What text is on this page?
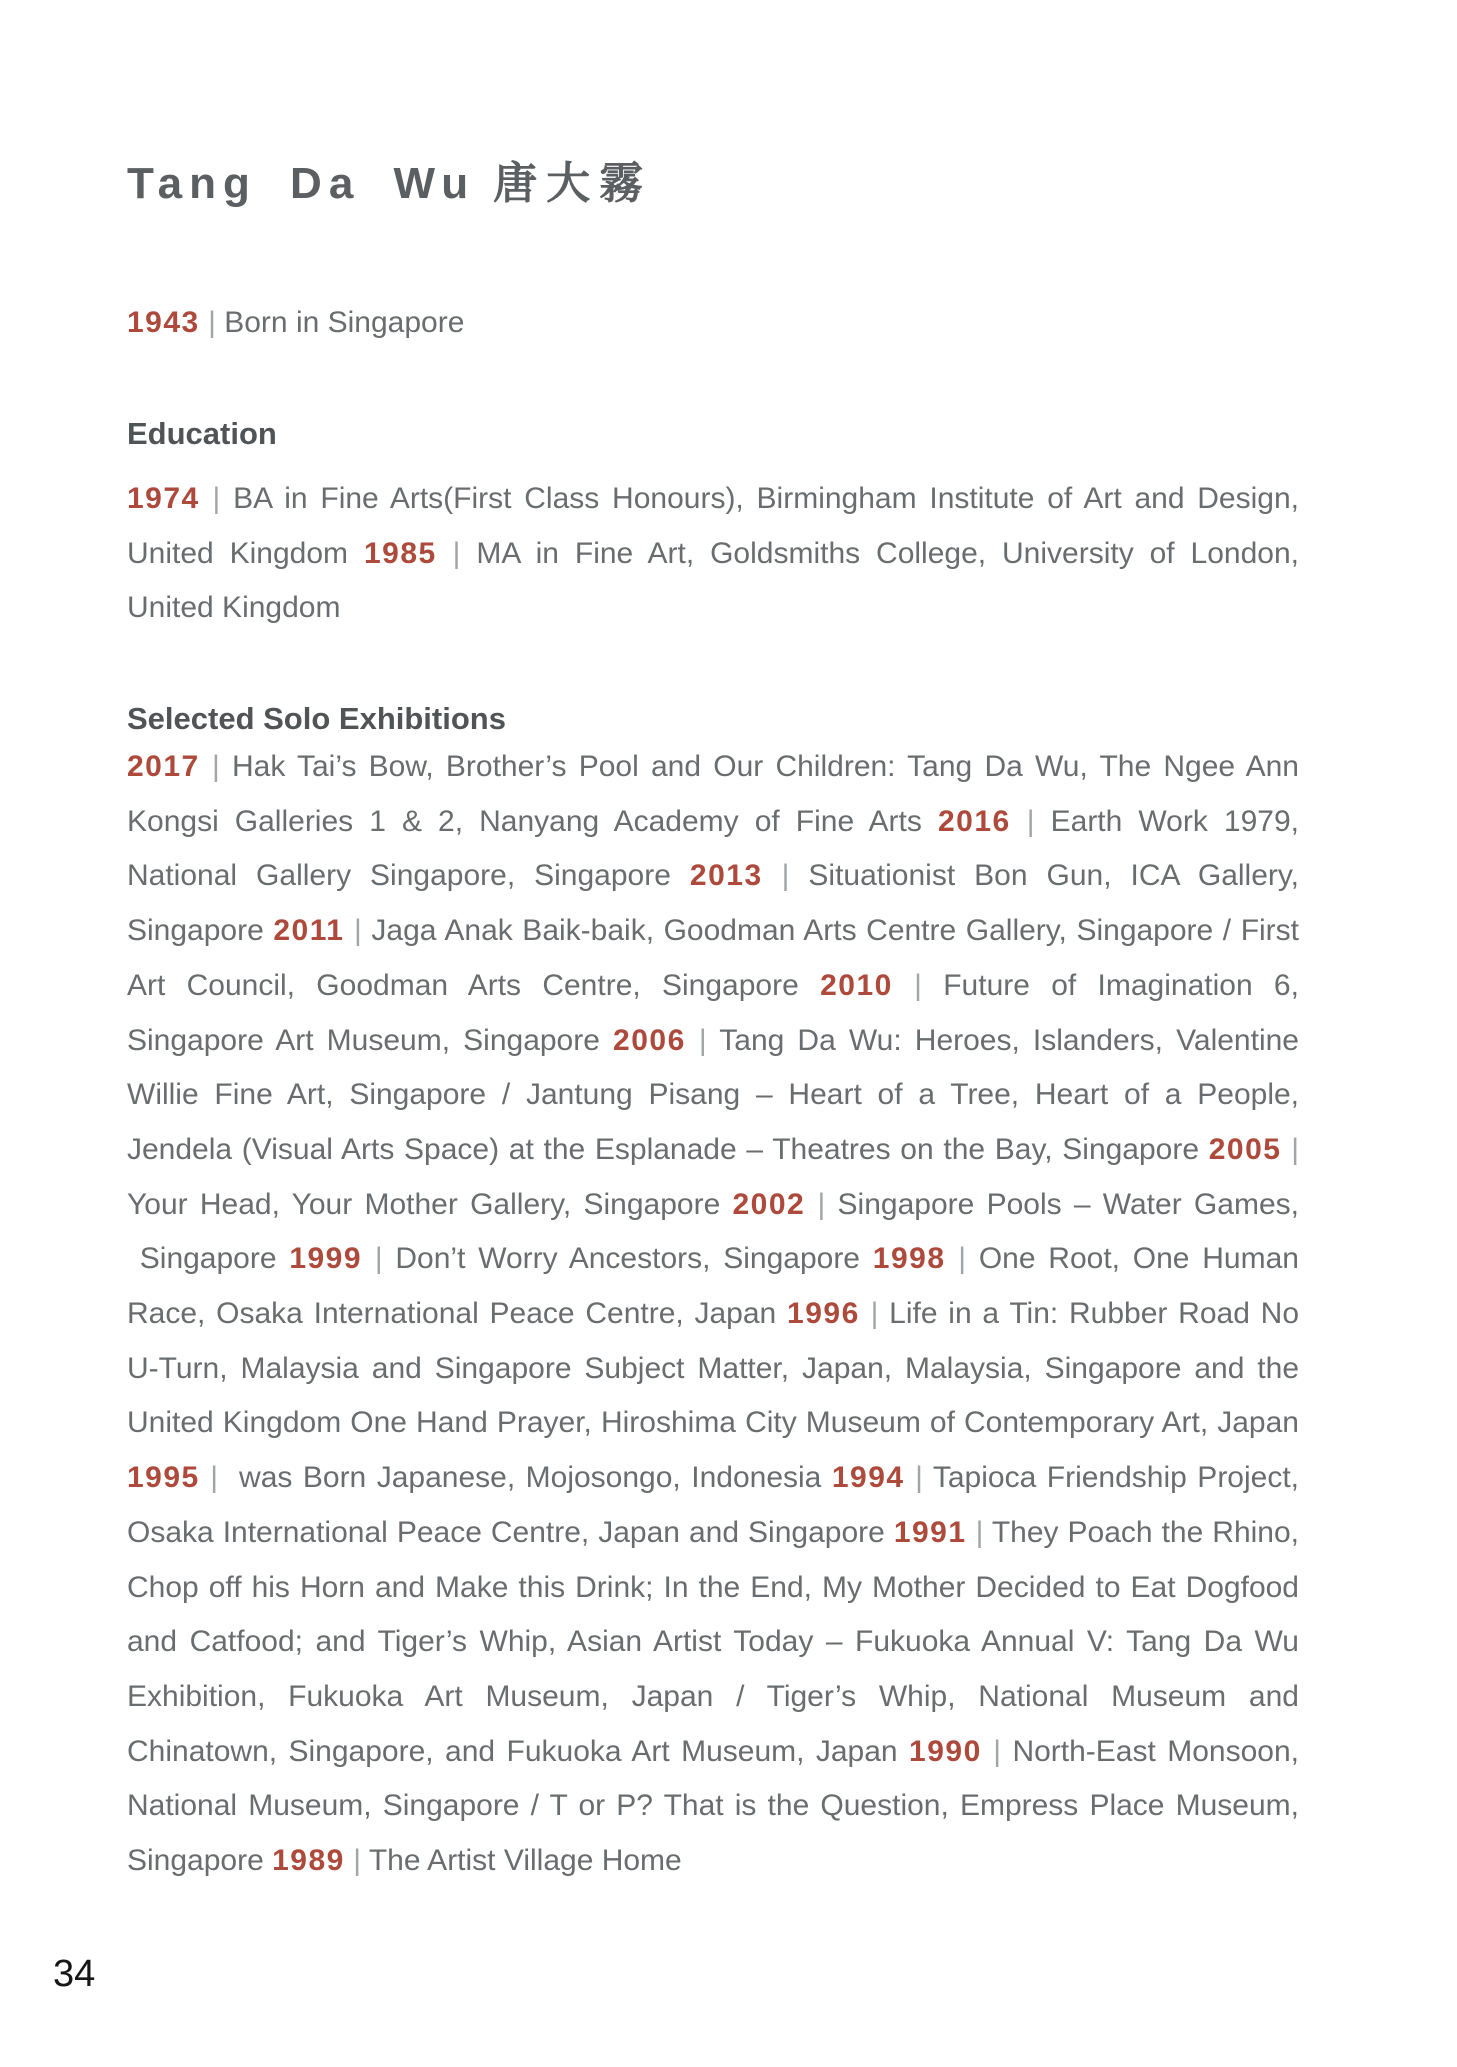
Tang Da Wu 唐大霧

1943 | Born in Singapore

Education

1974 | BA in Fine Arts(First Class Honours), Birmingham Institute of Art and Design, United Kingdom 1985 | MA in Fine Art, Goldsmiths College, University of London, United Kingdom

Selected Solo Exhibitions

2017 | Hak Tai’s Bow, Brother’s Pool and Our Children: Tang Da Wu, The Ngee Ann Kongsi Galleries 1 & 2, Nanyang Academy of Fine Arts 2016 | Earth Work 1979, National Gallery Singapore, Singapore 2013 | Situationist Bon Gun, ICA Gallery, Singapore 2011 | Jaga Anak Baik-baik, Goodman Arts Centre Gallery, Singapore / First Art Council, Goodman Arts Centre, Singapore 2010 | Future of Imagination 6, Singapore Art Museum, Singapore 2006 | Tang Da Wu: Heroes, Islanders, Valentine Willie Fine Art, Singapore / Jantung Pisang – Heart of a Tree, Heart of a People, Jendela (Visual Arts Space) at the Esplanade – Theatres on the Bay, Singapore 2005 | Your Head, Your Mother Gallery, Singapore 2002 | Singapore Pools – Water Games,  Singapore 1999 | Don’t Worry Ancestors, Singapore 1998 | One Root, One Human Race, Osaka International Peace Centre, Japan 1996 | Life in a Tin: Rubber Road No U-Turn, Malaysia and Singapore Subject Matter, Japan, Malaysia, Singapore and the United Kingdom One Hand Prayer, Hiroshima City Museum of Contemporary Art, Japan 1995 |  was Born Japanese, Mojosongo, Indonesia 1994 | Tapioca Friendship Project, Osaka International Peace Centre, Japan and Singapore 1991 | They Poach the Rhino, Chop off his Horn and Make this Drink; In the End, My Mother Decided to Eat Dogfood and Catfood; and Tiger’s Whip, Asian Artist Today – Fukuoka Annual V: Tang Da Wu Exhibition, Fukuoka Art Museum, Japan / Tiger’s Whip, National Museum and Chinatown, Singapore, and Fukuoka Art Museum, Japan 1990 | North-East Monsoon, National Museum, Singapore / T or P? That is the Question, Empress Place Museum, Singapore 1989 | The Artist Village Home

34
